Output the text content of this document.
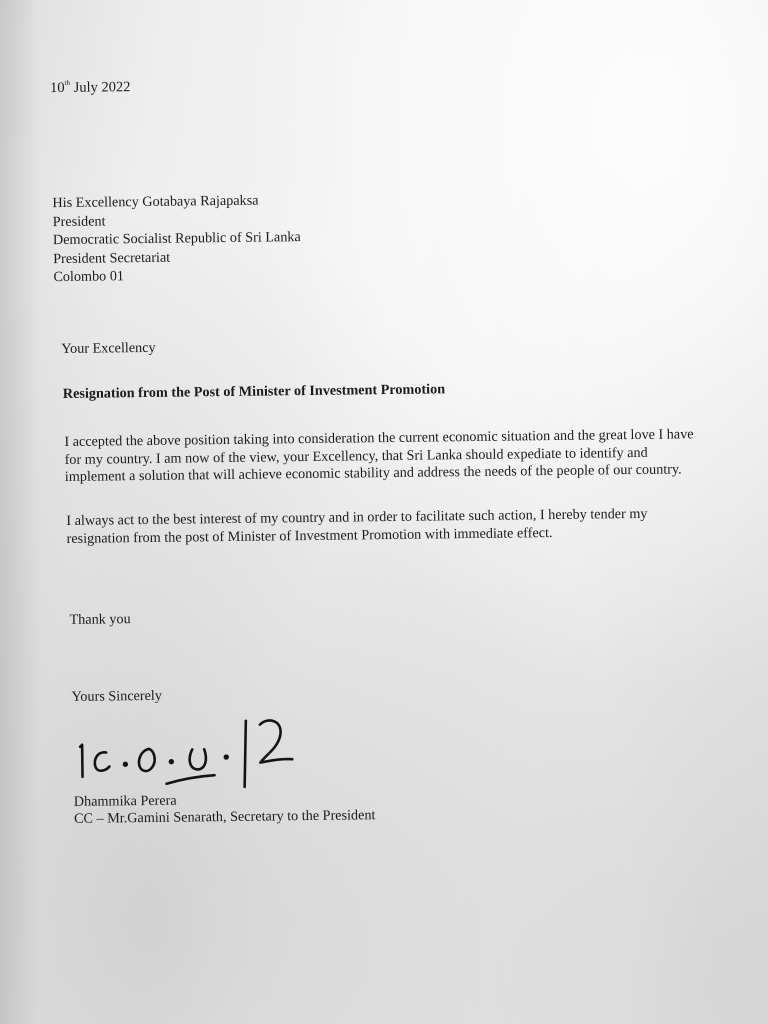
10th July 2022
His Excellency Gotabaya Rajapaksa
President
Democratic Socialist Republic of Sri Lanka
President Secretariat
Colombo 01
Your Excellency
Resignation from the Post of Minister of Investment Promotion
I accepted the above position taking into consideration the current economic situation and the great love I have
for my country. I am now of the view, your Excellency, that Sri Lanka should expediate to identify and
implement a solution that will achieve economic stability and address the needs of the people of our country.
I always act to the best interest of my country and in order to facilitate such action, I hereby tender my
resignation from the post of Minister of Investment Promotion with immediate effect.
Thank you
Yours Sincerely
Dhammika Perera
CC – Mr.Gamini Senarath, Secretary to the President
